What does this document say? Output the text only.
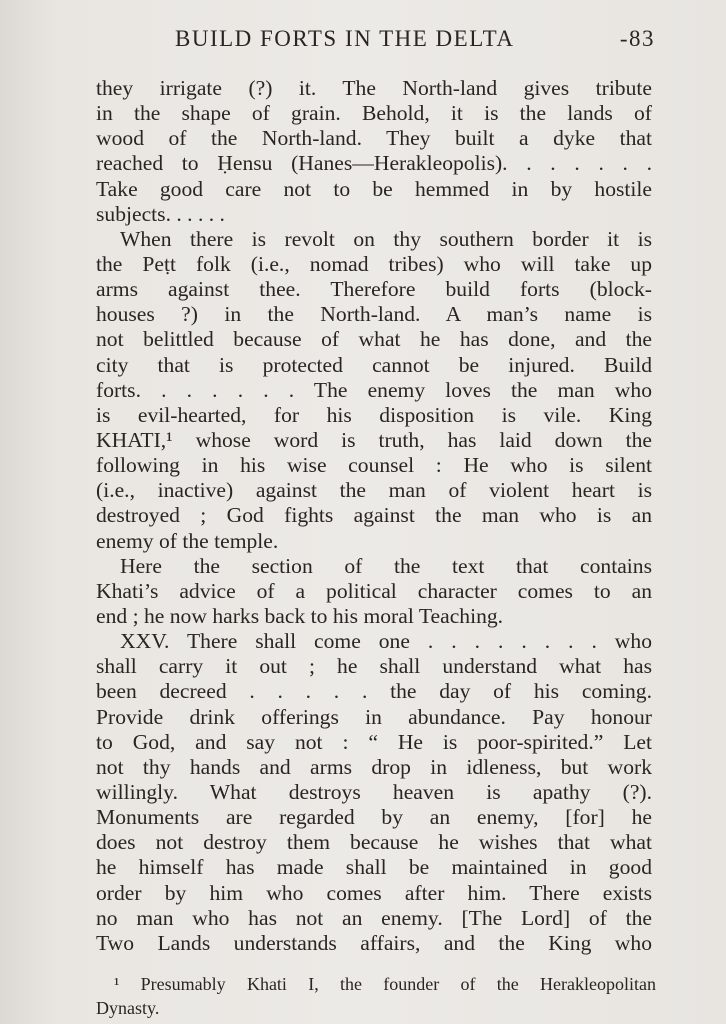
BUILD FORTS IN THE DELTA	-83
they irrigate (?) it. The North-land gives tribute
in the shape of grain. Behold, it is the lands of
wood of the North-land. They built a dyke that
reached to Ḥensu (Hanes—Herakleopolis). . . . . . .
Take good care not to be hemmed in by hostile
subjects. . . . . .
When there is revolt on thy southern border it is
the Peṭt folk (i.e., nomad tribes) who will take up
arms against thee. Therefore build forts (block-
houses ?) in the North-land. A man’s name is
not belittled because of what he has done, and the
city that is protected cannot be injured. Build
forts. . . . . . . The enemy loves the man who
is evil-hearted, for his disposition is vile. King
KHATI,¹ whose word is truth, has laid down the
following in his wise counsel : He who is silent
(i.e., inactive) against the man of violent heart is
destroyed ; God fights against the man who is an
enemy of the temple.
Here the section of the text that contains
Khati’s advice of a political character comes to an
end ; he now harks back to his moral Teaching.
XXV. There shall come one . . . . . . . . who
shall carry it out ; he shall understand what has
been decreed . . . . . the day of his coming.
Provide drink offerings in abundance. Pay honour
to God, and say not : “ He is poor-spirited.” Let
not thy hands and arms drop in idleness, but work
willingly. What destroys heaven is apathy (?).
Monuments are regarded by an enemy, [for] he
does not destroy them because he wishes that what
he himself has made shall be maintained in good
order by him who comes after him. There exists
no man who has not an enemy. [The Lord] of the
Two Lands understands affairs, and the King who
¹ Presumably Khati I, the founder of the Herakleopolitan
Dynasty.
